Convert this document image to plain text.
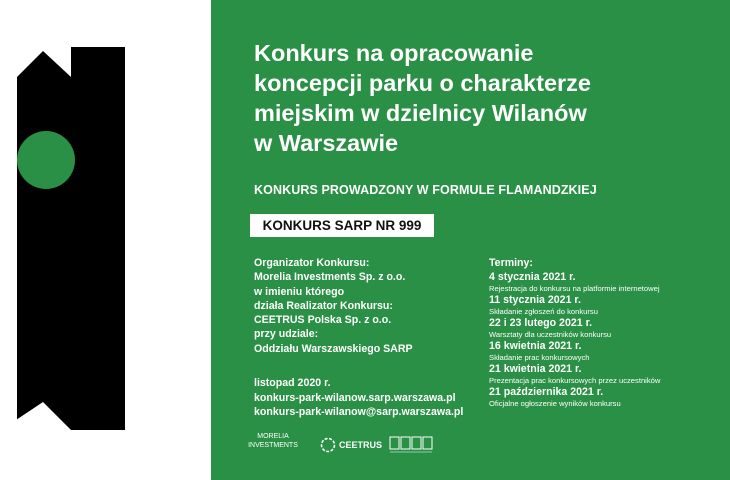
Konkurs na opracowanie
koncepcji parku o charakterze
miejskim w dzielnicy Wilanów
w Warszawie
KONKURS PROWADZONY W FORMULE FLAMANDZKIEJ
KONKURS SARP NR 999
Organizator Konkursu:
Morelia Investments Sp. z o.o.
w imieniu którego
działa Realizator Konkursu:
CEETRUS Polska Sp. z o.o.
przy udziale:
Oddziału Warszawskiego SARP
listopad 2020 r.
konkurs-park-wilanow.sarp.warszawa.pl
konkurs-park-wilanow@sarp.warszawa.pl
Terminy:
4 stycznia 2021 r.
Rejestracja do konkursu na platformie internetowej
11 stycznia 2021 r.
Składanie zgłoszeń do konkursu
22 i 23 lutego 2021 r.
Warsztaty dla uczestników konkursu
16 kwietnia 2021 r.
Składanie prac konkursowych
21 kwietnia 2021 r.
Prezentacja prac konkursowych przez uczestników
21 października 2021 r.
Oficjalne ogłoszenie wyników konkursu
MORELIA
INVESTMENTS	CEETRUS
